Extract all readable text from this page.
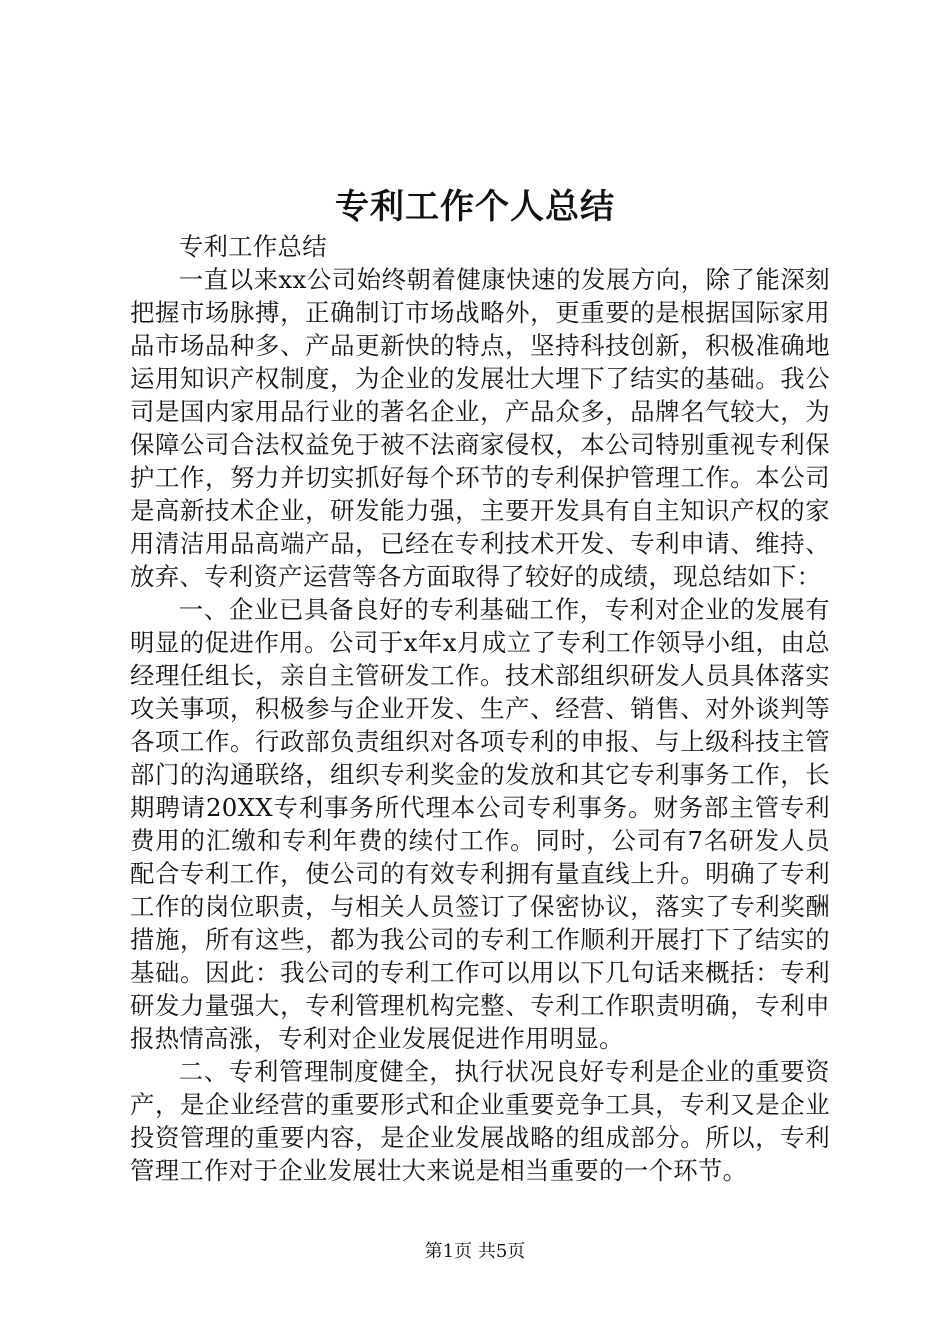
专利工作个人总结

专利工作总结

一直以来xx公司始终朝着健康快速的发展方向，除了能深刻把握市场脉搏，正确制订市场战略外，更重要的是根据国际家用品市场品种多、产品更新快的特点，坚持科技创新，积极准确地运用知识产权制度，为企业的发展壮大埋下了结实的基础。我公司是国内家用品行业的著名企业，产品众多，品牌名气较大，为保障公司合法权益免于被不法商家侵权，本公司特别重视专利保护工作，努力并切实抓好每个环节的专利保护管理工作。本公司是高新技术企业，研发能力强，主要开发具有自主知识产权的家用清洁用品高端产品，已经在专利技术开发、专利申请、维持、放弃、专利资产运营等各方面取得了较好的成绩，现总结如下：

一、企业已具备良好的专利基础工作，专利对企业的发展有明显的促进作用。公司于x年x月成立了专利工作领导小组，由总经理任组长，亲自主管研发工作。技术部组织研发人员具体落实攻关事项，积极参与企业开发、生产、经营、销售、对外谈判等各项工作。行政部负责组织对各项专利的申报、与上级科技主管部门的沟通联络，组织专利奖金的发放和其它专利事务工作，长期聘请20XX专利事务所代理本公司专利事务。财务部主管专利费用的汇缴和专利年费的续付工作。同时，公司有7名研发人员配合专利工作，使公司的有效专利拥有量直线上升。明确了专利工作的岗位职责，与相关人员签订了保密协议，落实了专利奖酬措施，所有这些，都为我公司的专利工作顺利开展打下了结实的基础。因此：我公司的专利工作可以用以下几句话来概括：专利研发力量强大，专利管理机构完整、专利工作职责明确，专利申报热情高涨，专利对企业发展促进作用明显。

二、专利管理制度健全，执行状况良好专利是企业的重要资产，是企业经营的重要形式和企业重要竞争工具，专利又是企业投资管理的重要内容，是企业发展战略的组成部分。所以，专利管理工作对于企业发展壮大来说是相当重要的一个环节。

第1页 共5页
